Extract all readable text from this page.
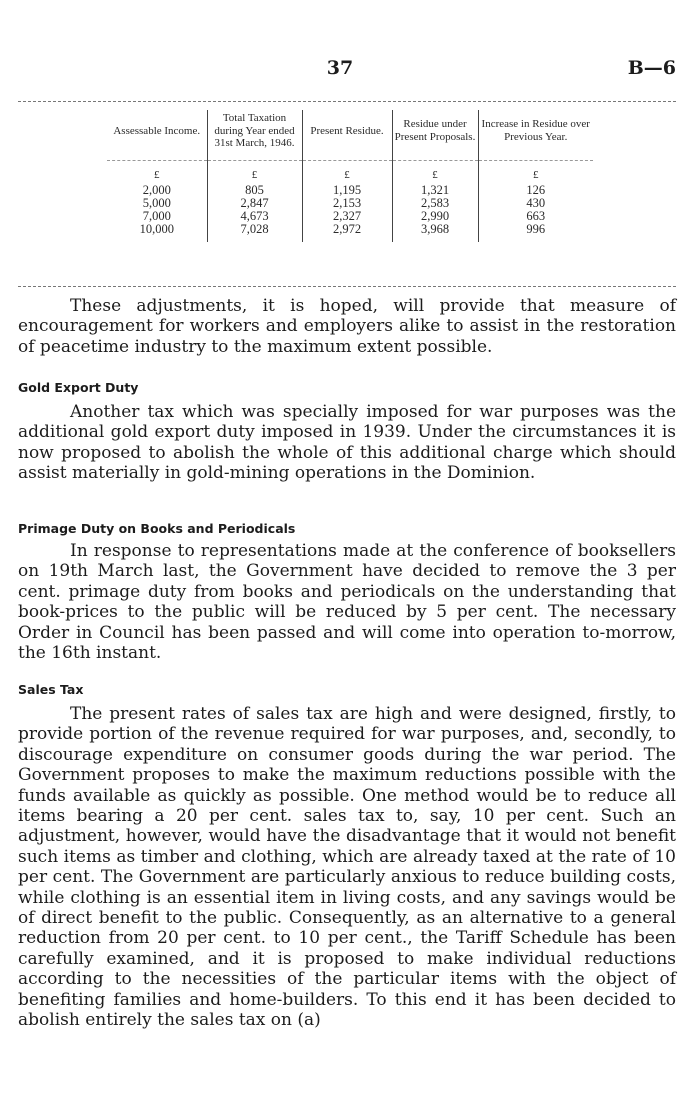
37	B—6
Assessable Income.	Total Taxation during Year ended 31st March, 1946.	Present Residue.	Residue under Present Proposals.	Increase in Residue over Previous Year.
£	£	£	£	£
2,000	805	1,195	1,321	126
5,000	2,847	2,153	2,583	430
7,000	4,673	2,327	2,990	663
10,000	7,028	2,972	3,968	996

These adjustments, it is hoped, will provide that measure of encouragement for workers and employers alike to assist in the restoration of peacetime industry to the maximum extent possible.

Gold Export Duty

Another tax which was specially imposed for war purposes was the additional gold export duty imposed in 1939. Under the circumstances it is now proposed to abolish the whole of this additional charge which should assist materially in gold-mining operations in the Dominion.

Primage Duty on Books and Periodicals

In response to representations made at the conference of booksellers on 19th March last, the Government have decided to remove the 3 per cent. primage duty from books and periodicals on the understanding that book-prices to the public will be reduced by 5 per cent. The necessary Order in Council has been passed and will come into operation to-morrow, the 16th instant.

Sales Tax

The present rates of sales tax are high and were designed, firstly, to provide portion of the revenue required for war purposes, and, secondly, to discourage expenditure on consumer goods during the war period. The Government proposes to make the maximum reductions possible with the funds available as quickly as possible. One method would be to reduce all items bearing a 20 per cent. sales tax to, say, 10 per cent. Such an adjustment, however, would have the disadvantage that it would not benefit such items as timber and clothing, which are already taxed at the rate of 10 per cent. The Government are particularly anxious to reduce building costs, while clothing is an essential item in living costs, and any savings would be of direct benefit to the public. Consequently, as an alternative to a general reduction from 20 per cent. to 10 per cent., the Tariff Schedule has been carefully examined, and it is proposed to make individual reductions according to the necessities of the particular items with the object of benefiting families and home-builders. To this end it has been decided to abolish entirely the sales tax on (a)
